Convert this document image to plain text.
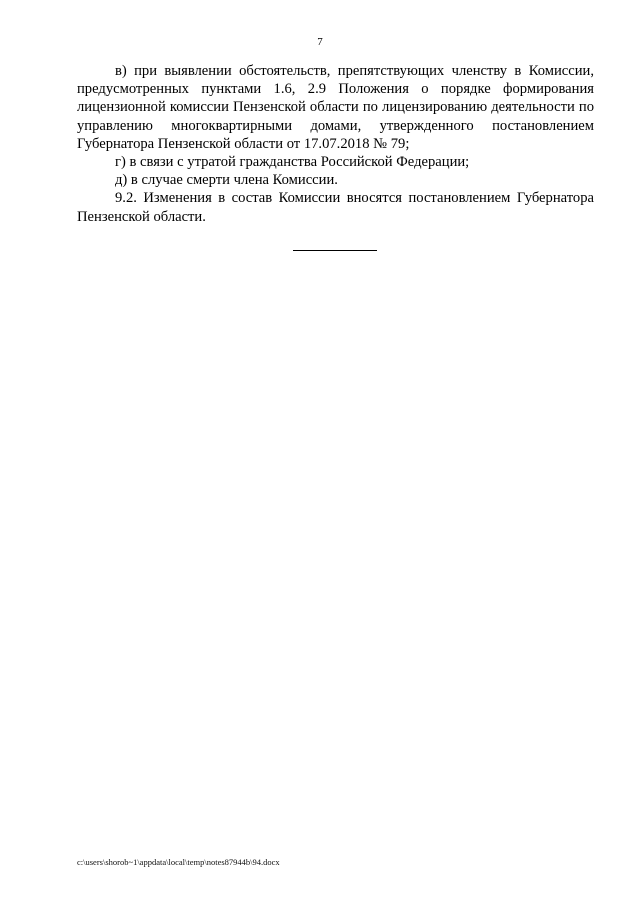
7

в) при выявлении обстоятельств, препятствующих членству в Комиссии, предусмотренных пунктами 1.6, 2.9 Положения о порядке формирования лицензионной комиссии Пензенской области по лицензированию деятельности по управлению многоквартирными домами, утвержденного постановлением Губернатора Пензенской области от 17.07.2018 № 79;

г) в связи с утратой гражданства Российской Федерации;

д) в случае смерти члена Комиссии.

9.2. Изменения в состав Комиссии вносятся постановлением Губернатора Пензенской области.

c:\users\shorob~1\appdata\local\temp\notes87944b\94.docx
